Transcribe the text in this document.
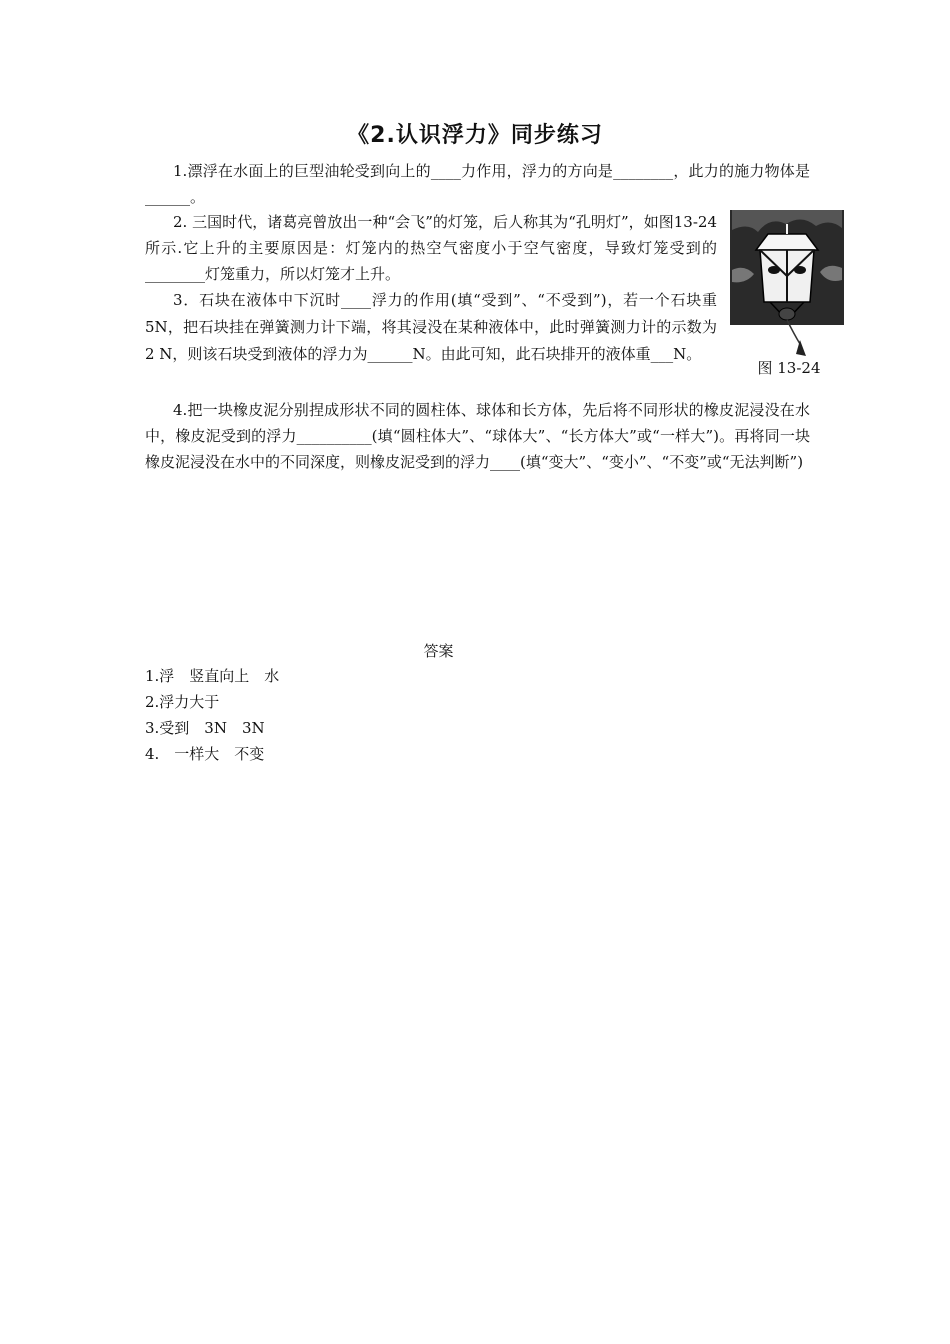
《2.认识浮力》同步练习
1.漂浮在水面上的巨型油轮受到向上的____力作用，浮力的方向是________，此力的施力物体是______。
2. 三国时代，诸葛亮曾放出一种“会飞”的灯笼，后人称其为“孔明灯”，如图13-24所示.它上升的主要原因是：灯笼内的热空气密度小于空气密度，导致灯笼受到的________灯笼重力，所以灯笼才上升。
图 13-24
3．石块在液体中下沉时____浮力的作用(填“受到”、“不受到”)，若一个石块重5N，把石块挂在弹簧测力计下端，将其浸没在某种液体中，此时弹簧测力计的示数为2 N，则该石块受到液体的浮力为______N。由此可知，此石块排开的液体重___N。
4.把一块橡皮泥分别捏成形状不同的圆柱体、球体和长方体，先后将不同形状的橡皮泥浸没在水中，橡皮泥受到的浮力__________(填“圆柱体大”、“球体大”、“长方体大”或“一样大”)。再将同一块橡皮泥浸没在水中的不同深度，则橡皮泥受到的浮力____(填“变大”、“变小”、“不变”或“无法判断”)
答案
1.浮　竖直向上　水
2.浮力大于
3.受到　3N　3N
4.　一样大　不变
